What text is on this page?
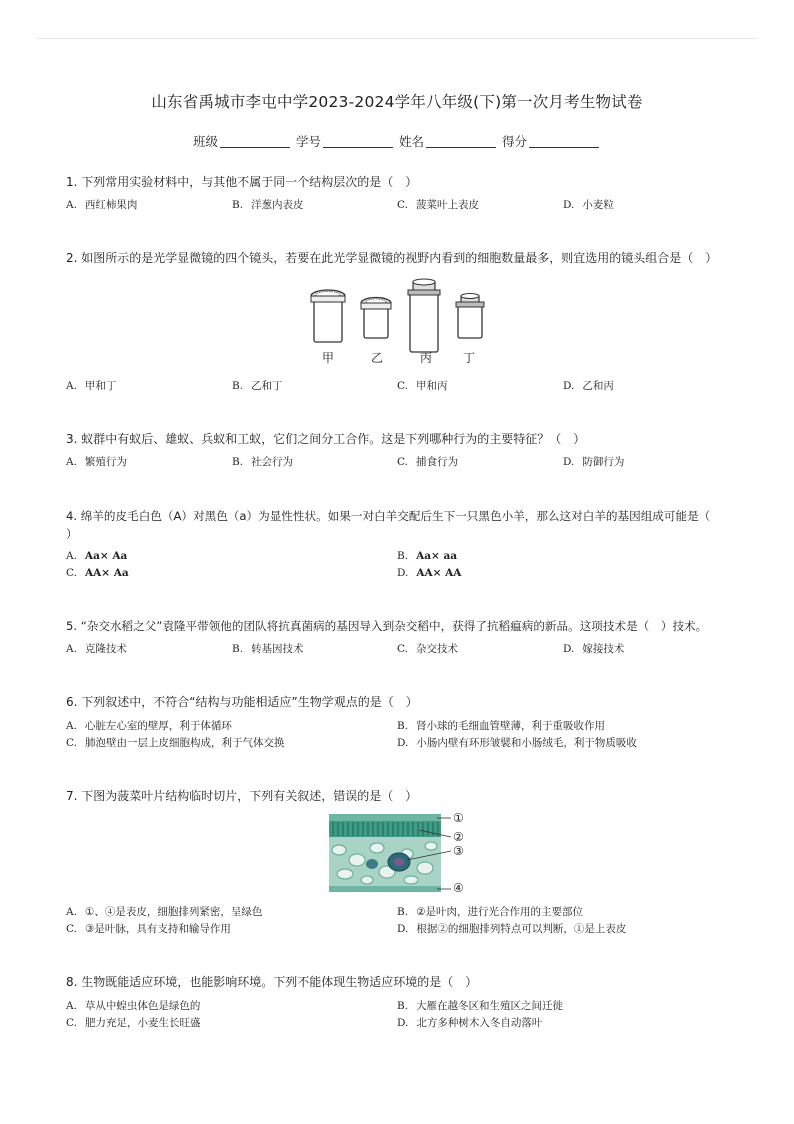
山东省禹城市李屯中学2023-2024学年八年级(下)第一次月考生物试卷
班级	学号	姓名	得分
1. 下列常用实验材料中，与其他不属于同一个结构层次的是（　）
A. 西红柿果肉	B. 洋葱内表皮	C. 菠菜叶上表皮	D. 小麦粒
2. 如图所示的是光学显微镜的四个镜头，若要在此光学显微镜的视野内看到的细胞数量最多，则宜选用的镜头组合是（　）
甲	乙	丙	丁
A. 甲和丁	B. 乙和丁	C. 甲和丙	D. 乙和丙
3. 蚁群中有蚁后、雄蚁、兵蚁和工蚁，它们之间分工合作。这是下列哪种行为的主要特征？（　）
A. 繁殖行为	B. 社会行为	C. 捕食行为	D. 防御行为
4. 绵羊的皮毛白色（A）对黑色（a）为显性性状。如果一对白羊交配后生下一只黑色小羊，那么这对白羊的基因组成可能是（
）
A. Aa× Aa	B. Aa× aa
C. AA× Aa	D. AA× AA
5. “杂交水稻之父”袁隆平带领他的团队将抗真菌病的基因导入到杂交稻中，获得了抗稻瘟病的新品。这项技术是（　）技术。
A. 克隆技术	B. 转基因技术	C. 杂交技术	D. 嫁接技术
6. 下列叙述中，不符合“结构与功能相适应”生物学观点的是（　）
A. 心脏左心室的壁厚，利于体循环	B. 肾小球的毛细血管壁薄，利于重吸收作用
C. 肺泡壁由一层上皮细胞构成，利于气体交换	D. 小肠内壁有环形皱襞和小肠绒毛，利于物质吸收
7. 下图为菠菜叶片结构临时切片，下列有关叙述，错误的是（　）
①
②
③
④
A. ①、④是表皮，细胞排列紧密，呈绿色	B. ②是叶肉，进行光合作用的主要部位
C. ③是叶脉，具有支持和输导作用	D. 根据②的细胞排列特点可以判断，①是上表皮
8. 生物既能适应环境，也能影响环境。下列不能体现生物适应环境的是（　）
A. 草从中蝗虫体色是绿色的	B. 大雁在越冬区和生殖区之间迁徙
C. 肥力充足，小麦生长旺盛	D. 北方多种树木入冬自动落叶
